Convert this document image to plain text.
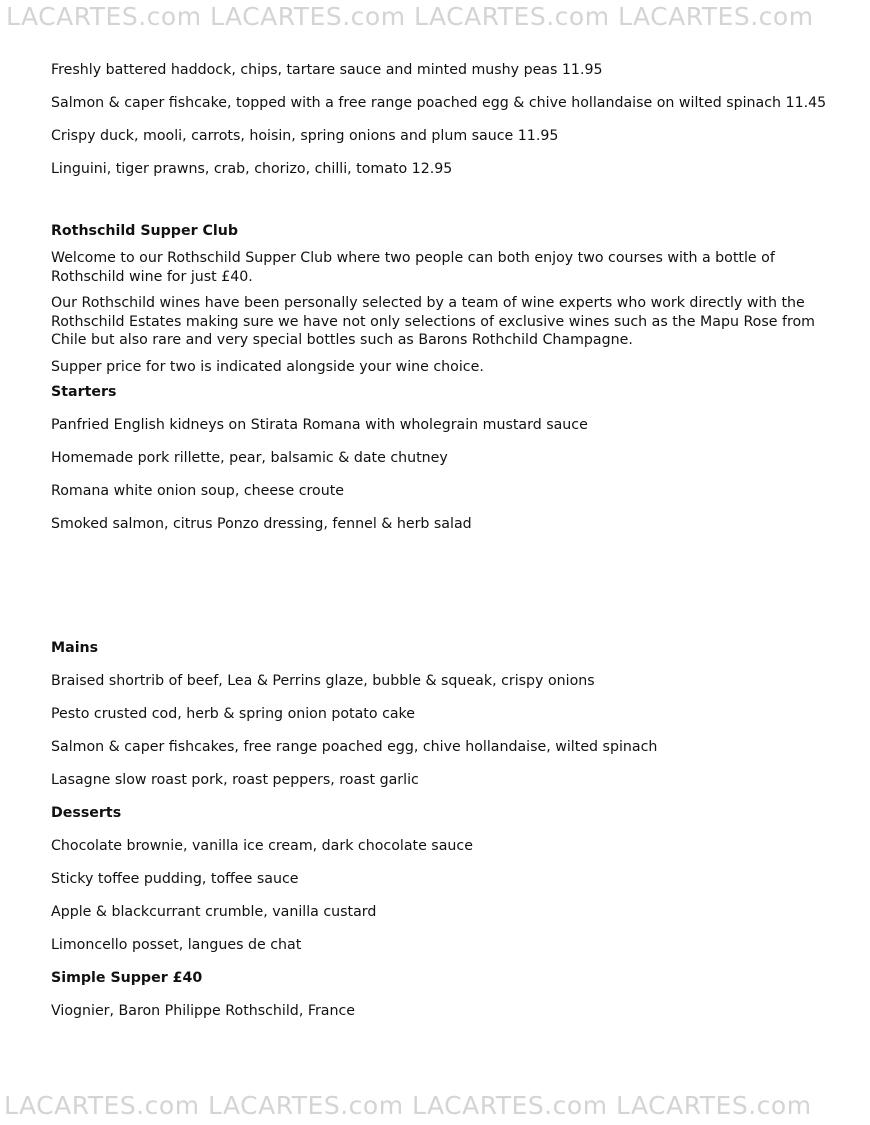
LACARTES.com LACARTES.com LACARTES.com LACARTES.com

Freshly battered haddock, chips, tartare sauce and minted mushy peas 11.95

Salmon & caper fishcake, topped with a free range poached egg & chive hollandaise on wilted spinach 11.45

Crispy duck, mooli, carrots, hoisin, spring onions and plum sauce 11.95

Linguini, tiger prawns, crab, chorizo, chilli, tomato 12.95

Rothschild Supper Club

Welcome to our Rothschild Supper Club where two people can both enjoy two courses with a bottle of Rothschild wine for just £40.

Our Rothschild wines have been personally selected by a team of wine experts who work directly with the Rothschild Estates making sure we have not only selections of exclusive wines such as the Mapu Rose from Chile but also rare and very special bottles such as Barons Rothchild Champagne.

Supper price for two is indicated alongside your wine choice.

Starters

Panfried English kidneys on Stirata Romana with wholegrain mustard sauce

Homemade pork rillette, pear, balsamic & date chutney

Romana white onion soup, cheese croute

Smoked salmon, citrus Ponzo dressing, fennel & herb salad

Mains

Braised shortrib of beef, Lea & Perrins glaze, bubble & squeak, crispy onions

Pesto crusted cod, herb & spring onion potato cake

Salmon & caper fishcakes, free range poached egg, chive hollandaise, wilted spinach

Lasagne slow roast pork, roast peppers, roast garlic

Desserts

Chocolate brownie, vanilla ice cream, dark chocolate sauce

Sticky toffee pudding, toffee sauce

Apple & blackcurrant crumble, vanilla custard

Limoncello posset, langues de chat

Simple Supper £40

Viognier, Baron Philippe Rothschild, France

LACARTES.com LACARTES.com LACARTES.com LACARTES.com
